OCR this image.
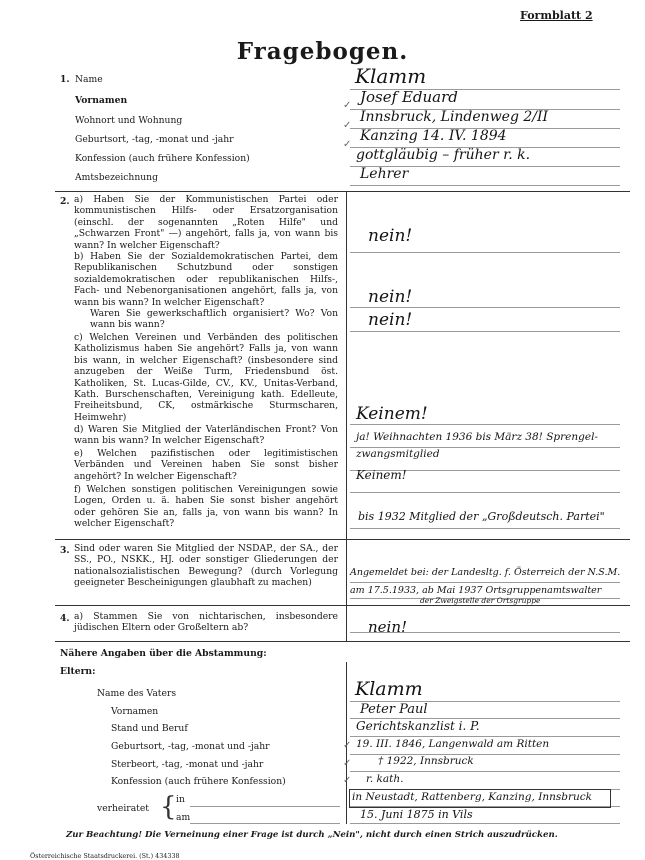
Formblatt 2
Fragebogen.
1. Name
Vornamen
Wohnort und Wohnung
Geburtsort, -tag, -monat und -jahr
Konfession (auch frühere Konfession)
Amtsbezeichnung
Klamm
Josef Eduard
Innsbruck, Lindenweg 2/II
Kanzing 14. IV. 1894
gottgläubig – früher r. k.
Lehrer
✓
✓
✓
2. a) Haben Sie der Kommunistischen Partei oder kommunistischen Hilfs- oder Ersatzorganisation (einschl. der sogenannten „Roten Hilfe" und „Schwarzen Front" —) angehört, falls ja, von wann bis wann? In welcher Eigenschaft?
b) Haben Sie der Sozialdemokratischen Partei, dem Republikanischen Schutzbund oder sonstigen sozialdemokratischen oder republikanischen Hilfs-, Fach- und Nebenorganisationen angehört, falls ja, von wann bis wann? In welcher Eigenschaft?
Waren Sie gewerkschaftlich organisiert? Wo? Von wann bis wann?
c) Welchen Vereinen und Verbänden des politischen Katholizismus haben Sie angehört? Falls ja, von wann bis wann, in welcher Eigenschaft? (insbesondere sind anzugeben der Weiße Turm, Friedensbund öst. Katholiken, St. Lucas-Gilde, CV., KV., Unitas-Verband, Kath. Burschenschaften, Vereinigung kath. Edelleute, Freiheitsbund, CK, ostmärkische Sturmscharen, Heimwehr)
d) Waren Sie Mitglied der Vaterländischen Front? Von wann bis wann? In welcher Eigenschaft?
e) Welchen pazifistischen oder legitimistischen Verbänden und Vereinen haben Sie sonst bisher angehört? In welcher Eigenschaft?
f) Welchen sonstigen politischen Vereinigungen sowie Logen, Orden u. ä. haben Sie sonst bisher angehört oder gehören Sie an, falls ja, von wann bis wann? In welcher Eigenschaft?
nein!
nein!
nein!
Keinem!
ja! Weihnachten 1936 bis März 38! Sprengel-
zwangsmitglied
Keinem!
bis 1932 Mitglied der „Großdeutsch. Partei"
3. Sind oder waren Sie Mitglied der NSDAP., der SA., der SS., PO., NSKK., HJ. oder sonstiger Gliederungen der nationalsozialistischen Bewegung? (durch Vorlegung geeigneter Bescheinigungen glaubhaft zu machen)
Angemeldet bei: der Landesltg. f. Österreich der N.S.M.
am 17.5.1933, ab Mai 1937 Ortsgruppenamtswalter
der Zweigstelle der Ortsgruppe
4. a) Stammen Sie von nichtarischen, insbesondere jüdischen Eltern oder Großeltern ab?	nein!
Nähere Angaben über die Abstammung:
Eltern:
Name des Vaters
Vornamen
Stand und Beruf
Geburtsort, -tag, -monat und -jahr
Sterbeort, -tag, -monat und -jahr
Konfession (auch frühere Konfession)
Klamm
Peter Paul
Gerichtskanzlist i. P.
19. III. 1846, Langenwald am Ritten
† 1922, Innsbruck
r. kath.
✓
✓
✓
verheiratet { in
am
in Neustadt, Rattenberg, Kanzing, Innsbruck
15. Juni 1875 in Vils
Zur Beachtung! Die Verneinung einer Frage ist durch „Nein", nicht durch einen Strich auszudrücken.
Österreichische Staatsdruckerei. (St.) 434338
